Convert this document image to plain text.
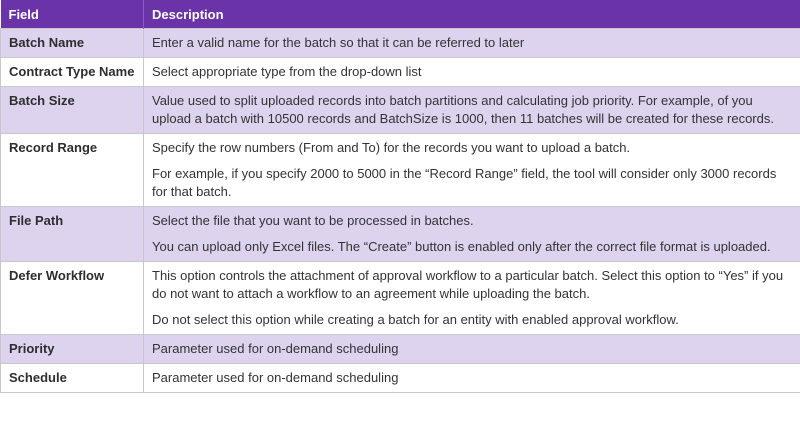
Field	Description
Batch Name	Enter a valid name for the batch so that it can be referred to later

Contract Type Name	Select appropriate type from the drop-down list

Batch Size	Value used to split uploaded records into batch partitions and calculating job priority. For example, of you upload a batch with 10500 records and BatchSize is 1000, then 11 batches will be created for these records.

Record Range	Specify the row numbers (From and To) for the records you want to upload a batch.

For example, if you specify 2000 to 5000 in the “Record Range” field, the tool will consider only 3000 records for that batch.

File Path	Select the file that you want to be processed in batches.

You can upload only Excel files. The “Create” button is enabled only after the correct file format is uploaded.

Defer Workflow	This option controls the attachment of approval workflow to a particular batch. Select this option to “Yes” if you do not want to attach a workflow to an agreement while uploading the batch.

Do not select this option while creating a batch for an entity with enabled approval workflow.

Priority	Parameter used for on-demand scheduling

Schedule	Parameter used for on-demand scheduling
